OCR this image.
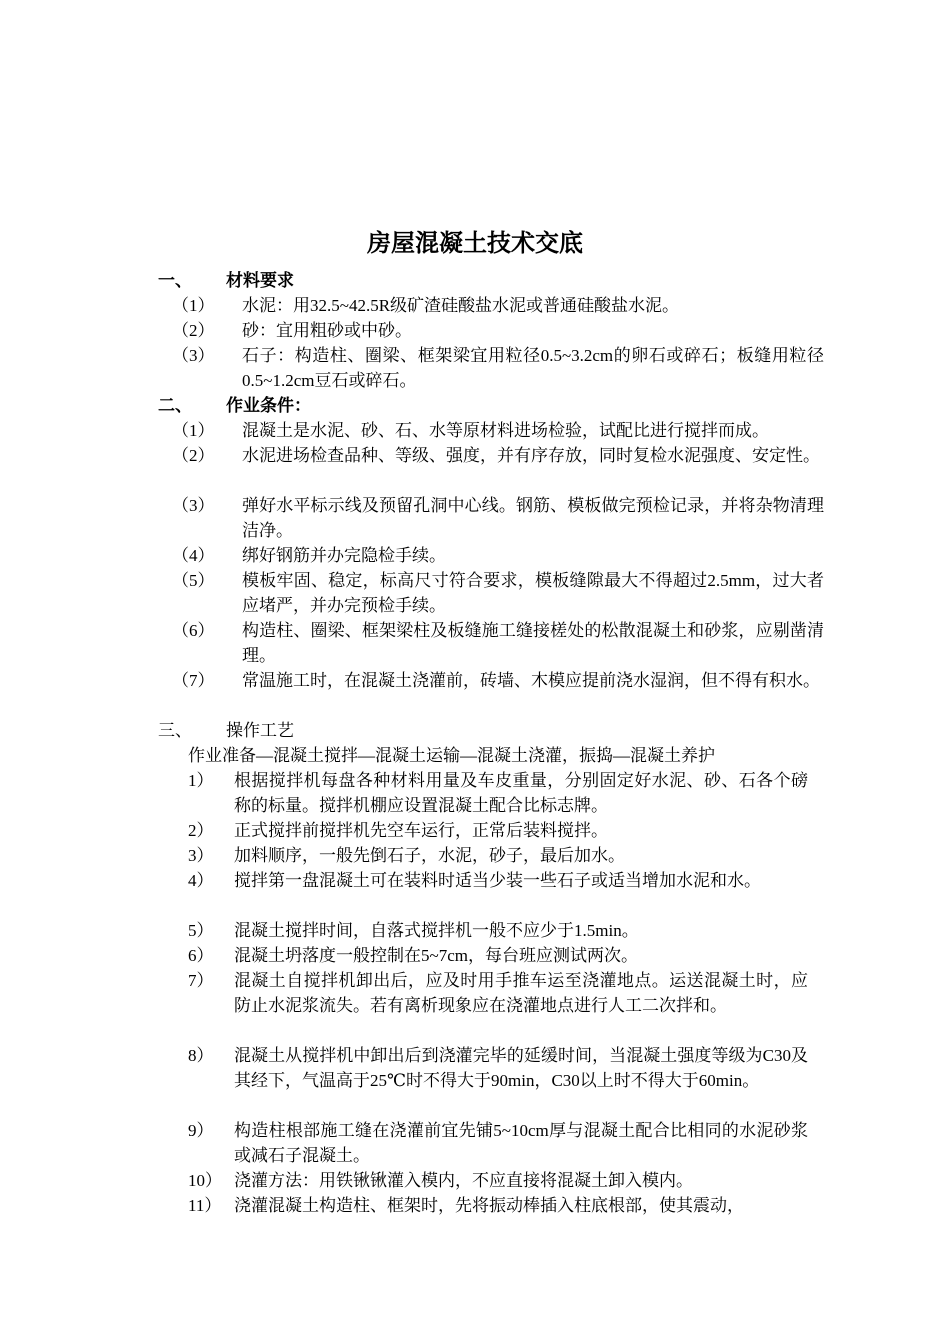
房屋混凝土技术交底
一、 材料要求
（1） 水泥：用32.5~42.5R级矿渣硅酸盐水泥或普通硅酸盐水泥。
（2） 砂：宜用粗砂或中砂。
（3） 石子：构造柱、圈梁、框架梁宜用粒径0.5~3.2cm的卵石或碎石；板缝用粒径0.5~1.2cm豆石或碎石。
二、 作业条件：
（1） 混凝土是水泥、砂、石、水等原材料进场检验，试配比进行搅拌而成。
（2） 水泥进场检查品种、等级、强度，并有序存放，同时复检水泥强度、安定性。
（3） 弹好水平标示线及预留孔洞中心线。钢筋、模板做完预检记录，并将杂物清理洁净。
（4） 绑好钢筋并办完隐检手续。
（5） 模板牢固、稳定，标高尺寸符合要求，模板缝隙最大不得超过2.5mm，过大者应堵严，并办完预检手续。
（6） 构造柱、圈梁、框架梁柱及板缝施工缝接槎处的松散混凝土和砂浆，应剔凿清理。
（7） 常温施工时，在混凝土浇灌前，砖墙、木模应提前浇水湿润，但不得有积水。
三、 操作工艺
作业准备—混凝土搅拌—混凝土运输—混凝土浇灌，振捣—混凝土养护
1） 根据搅拌机每盘各种材料用量及车皮重量，分别固定好水泥、砂、石各个磅称的标量。搅拌机棚应设置混凝土配合比标志牌。
2） 正式搅拌前搅拌机先空车运行，正常后装料搅拌。
3） 加料顺序，一般先倒石子，水泥，砂子，最后加水。
4） 搅拌第一盘混凝土可在装料时适当少装一些石子或适当增加水泥和水。
5） 混凝土搅拌时间，自落式搅拌机一般不应少于1.5min。
6） 混凝土坍落度一般控制在5~7cm，每台班应测试两次。
7） 混凝土自搅拌机卸出后，应及时用手推车运至浇灌地点。运送混凝土时，应防止水泥浆流失。若有离析现象应在浇灌地点进行人工二次拌和。
8） 混凝土从搅拌机中卸出后到浇灌完毕的延缓时间，当混凝土强度等级为C30及其经下，气温高于25℃时不得大于90min，C30以上时不得大于60min。
9） 构造柱根部施工缝在浇灌前宜先铺5~10cm厚与混凝土配合比相同的水泥砂浆或减石子混凝土。
10） 浇灌方法：用铁锹锹灌入模内，不应直接将混凝土卸入模内。
11） 浇灌混凝土构造柱、框架时，先将振动棒插入柱底根部，使其震动，
